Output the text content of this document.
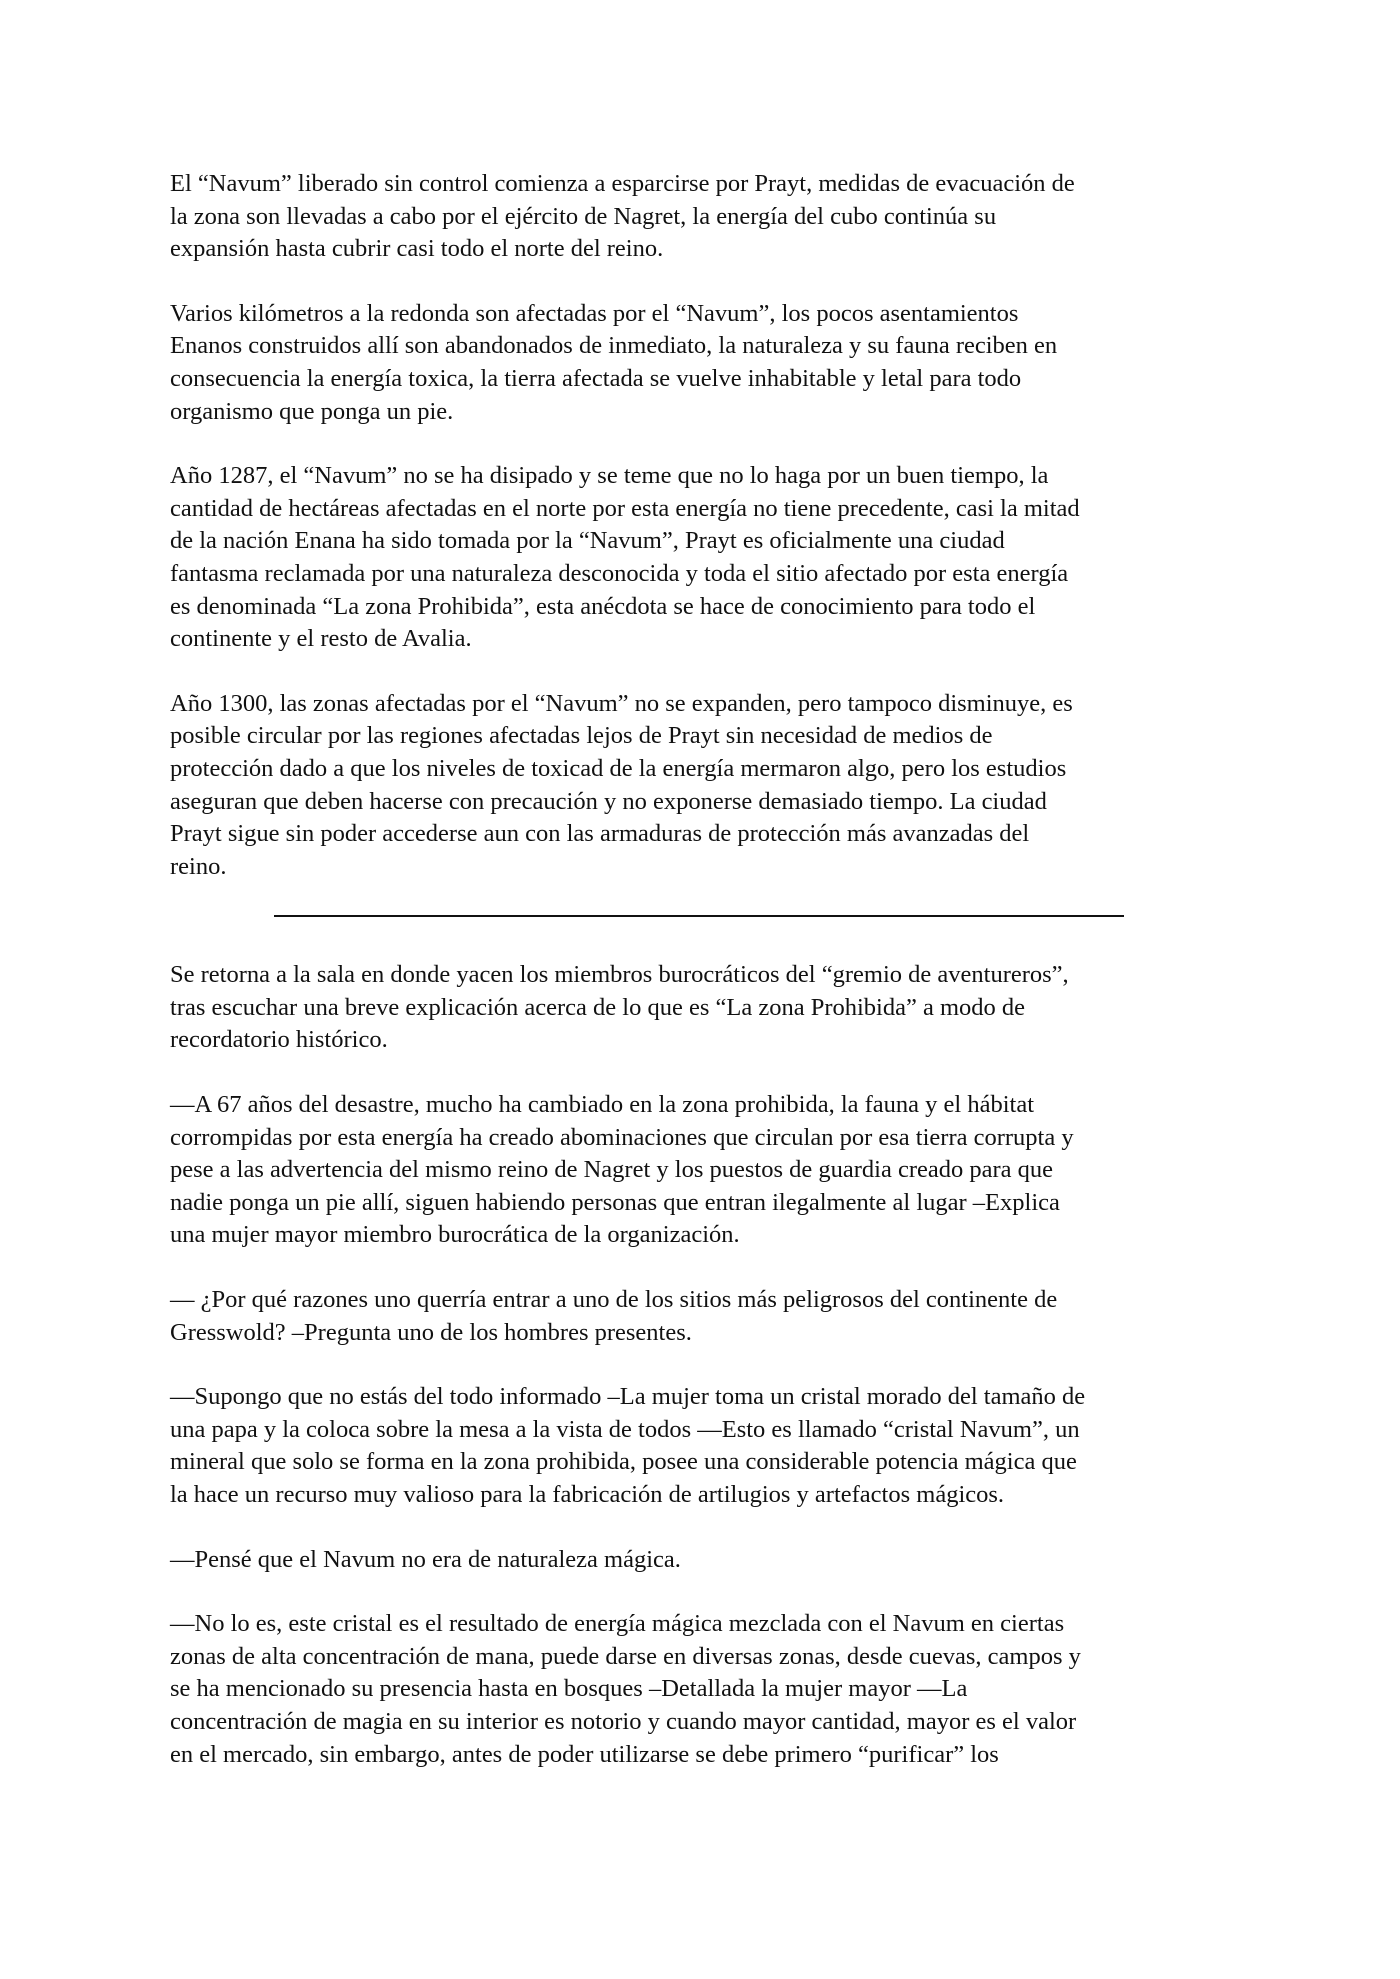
El “Navum” liberado sin control comienza a esparcirse por Prayt, medidas de evacuación de
la zona son llevadas a cabo por el ejército de Nagret, la energía del cubo continúa su
expansión hasta cubrir casi todo el norte del reino.

Varios kilómetros a la redonda son afectadas por el “Navum”, los pocos asentamientos
Enanos construidos allí son abandonados de inmediato, la naturaleza y su fauna reciben en
consecuencia la energía toxica, la tierra afectada se vuelve inhabitable y letal para todo
organismo que ponga un pie.

Año 1287, el “Navum” no se ha disipado y se teme que no lo haga por un buen tiempo, la
cantidad de hectáreas afectadas en el norte por esta energía no tiene precedente, casi la mitad
de la nación Enana ha sido tomada por la “Navum”, Prayt es oficialmente una ciudad
fantasma reclamada por una naturaleza desconocida y toda el sitio afectado por esta energía
es denominada “La zona Prohibida”, esta anécdota se hace de conocimiento para todo el
continente y el resto de Avalia.

Año 1300, las zonas afectadas por el “Navum” no se expanden, pero tampoco disminuye, es
posible circular por las regiones afectadas lejos de Prayt sin necesidad de medios de
protección dado a que los niveles de toxicad de la energía mermaron algo, pero los estudios
aseguran que deben hacerse con precaución y no exponerse demasiado tiempo. La ciudad
Prayt sigue sin poder accederse aun con las armaduras de protección más avanzadas del
reino.

Se retorna a la sala en donde yacen los miembros burocráticos del “gremio de aventureros”,
tras escuchar una breve explicación acerca de lo que es “La zona Prohibida” a modo de
recordatorio histórico.

—A 67 años del desastre, mucho ha cambiado en la zona prohibida, la fauna y el hábitat
corrompidas por esta energía ha creado abominaciones que circulan por esa tierra corrupta y
pese a las advertencia del mismo reino de Nagret y los puestos de guardia creado para que
nadie ponga un pie allí, siguen habiendo personas que entran ilegalmente al lugar –Explica
una mujer mayor miembro burocrática de la organización.

— ¿Por qué razones uno querría entrar a uno de los sitios más peligrosos del continente de
Gresswold? –Pregunta uno de los hombres presentes.

—Supongo que no estás del todo informado –La mujer toma un cristal morado del tamaño de
una papa y la coloca sobre la mesa a la vista de todos —Esto es llamado “cristal Navum”, un
mineral que solo se forma en la zona prohibida, posee una considerable potencia mágica que
la hace un recurso muy valioso para la fabricación de artilugios y artefactos mágicos.

—Pensé que el Navum no era de naturaleza mágica.

—No lo es, este cristal es el resultado de energía mágica mezclada con el Navum en ciertas
zonas de alta concentración de mana, puede darse en diversas zonas, desde cuevas, campos y
se ha mencionado su presencia hasta en bosques –Detallada la mujer mayor —La
concentración de magia en su interior es notorio y cuando mayor cantidad, mayor es el valor
en el mercado, sin embargo, antes de poder utilizarse se debe primero “purificar” los
